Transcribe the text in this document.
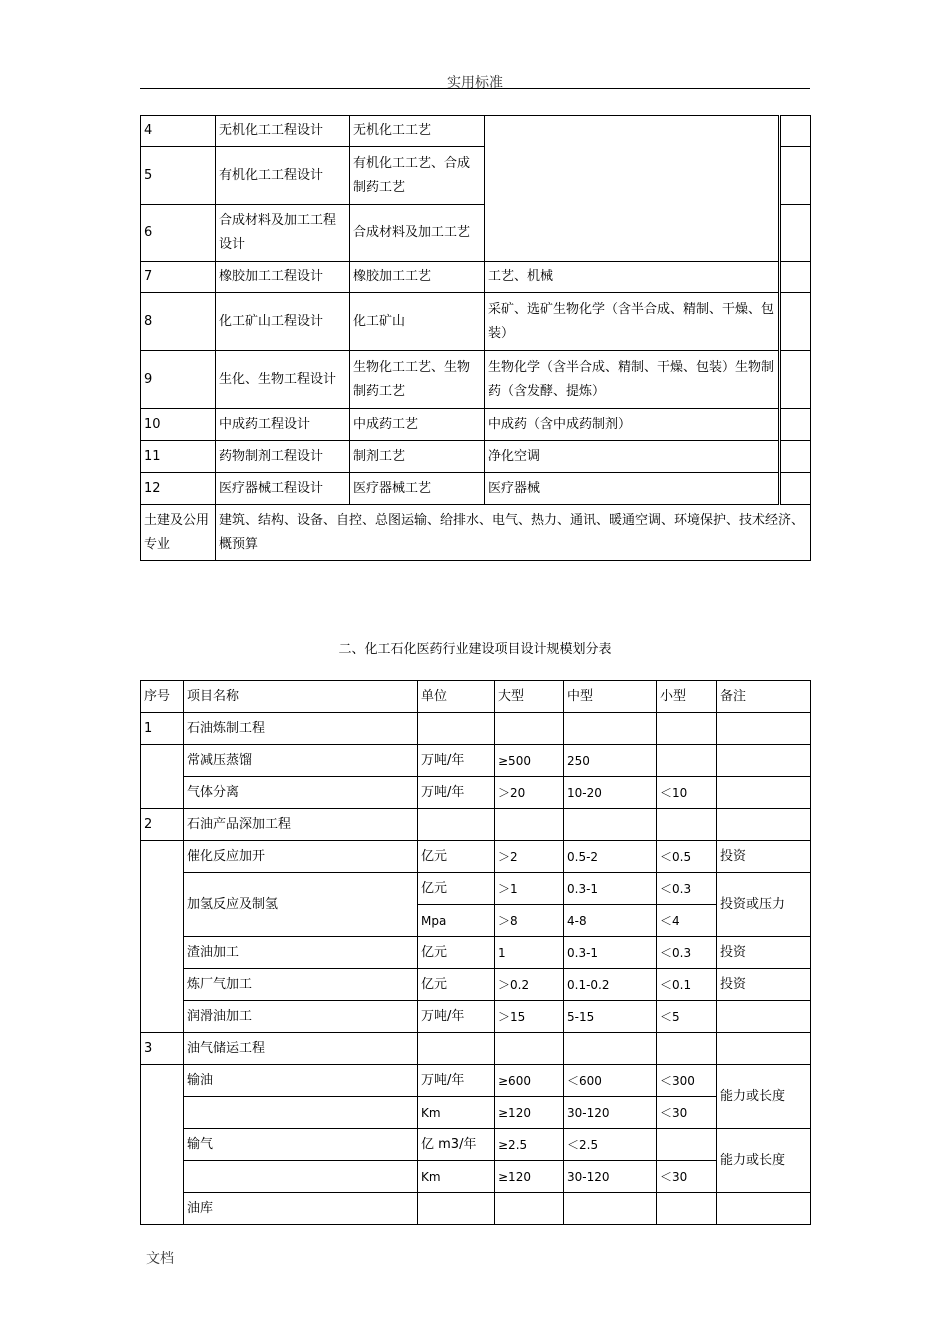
实用标准
4	无机化工工程设计	无机化工工艺		
5	有机化工工程设计	有机化工工艺、合成制药工艺		
6	合成材料及加工工程设计	合成材料及加工工艺		
7	橡胶加工工程设计	橡胶加工工艺	工艺、机械	
8	化工矿山工程设计	化工矿山	采矿、选矿生物化学（含半合成、精制、干燥、包装）	
9	生化、生物工程设计	生物化工工艺、生物制药工艺	生物化学（含半合成、精制、干燥、包装）生物制药（含发酵、提炼）	
10	中成药工程设计	中成药工艺	中成药（含中成药制剂）	
11	药物制剂工程设计	制剂工艺	净化空调	
12	医疗器械工程设计	医疗器械工艺	医疗器械	
土建及公用专业	建筑、结构、设备、自控、总图运输、给排水、电气、热力、通讯、暖通空调、环境保护、技术经济、概预算			
二、化工石化医药行业建设项目设计规模划分表
序号	项目名称	单位	大型	中型	小型	备注
1	石油炼制工程					
	常减压蒸馏	万吨/年	≥500	250		
	气体分离	万吨/年	＞20	10-20	＜10	
2	石油产品深加工程					
	催化反应加开	亿元	＞2	0.5-2	＜0.5	投资
	加氢反应及制氢	亿元	＞1	0.3-1	＜0.3	投资或压力
		Mpa	＞8	4-8	＜4	
	渣油加工	亿元	1	0.3-1	＜0.3	投资
	炼厂气加工	亿元	＞0.2	0.1-0.2	＜0.1	投资
	润滑油加工	万吨/年	＞15	5-15	＜5	
3	油气储运工程					
	输油	万吨/年	≥600	＜600	＜300	能力或长度
		Km	≥120	30-120	＜30	
	输气	亿 m3/年	≥2.5	＜2.5		能力或长度
		Km	≥120	30-120	＜30	
	油库					
文档
